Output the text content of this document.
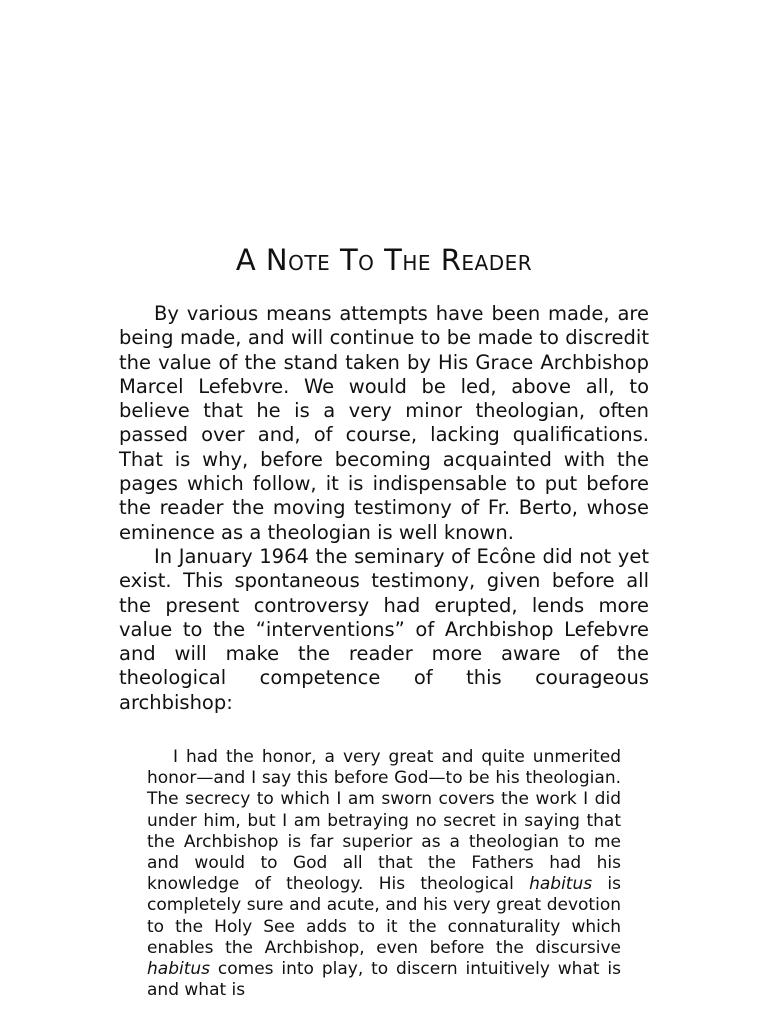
A Note To The Reader

By various means attempts have been made, are being made, and will continue to be made to discredit the value of the stand taken by His Grace Archbishop Marcel Lefebvre. We would be led, above all, to believe that he is a very minor theologian, often passed over and, of course, lacking qualifications. That is why, before becoming acquainted with the pages which follow, it is indispensable to put before the reader the moving testimony of Fr. Berto, whose eminence as a theologian is well known.

In January 1964 the seminary of Ecône did not yet exist. This spontaneous testimony, given before all the present controversy had erupted, lends more value to the “interventions” of Archbishop Lefebvre and will make the reader more aware of the theological competence of this courageous archbishop:

I had the honor, a very great and quite unmerited honor—and I say this before God—to be his theologian. The secrecy to which I am sworn covers the work I did under him, but I am betraying no secret in saying that the Archbishop is far superior as a theologian to me and would to God all that the Fathers had his knowledge of theology. His theological habitus is completely sure and acute, and his very great devotion to the Holy See adds to it the connaturality which enables the Archbishop, even before the discursive habitus comes into play, to discern intuitively what is and what is
